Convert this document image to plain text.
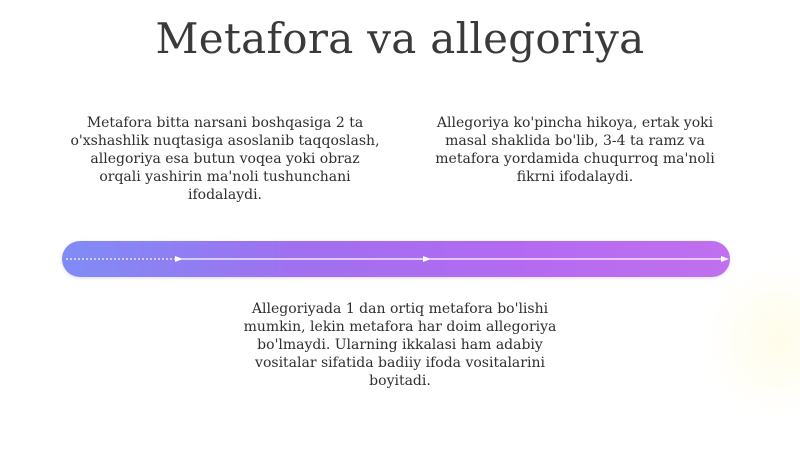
Metafora va allegoriya
Metafora bitta narsani boshqasiga 2 ta o'xshashlik nuqtasiga asoslanib taqqoslash, allegoriya esa butun voqea yoki obraz orqali yashirin ma'noli tushunchani ifodalaydi.
Allegoriya ko'pincha hikoya, ertak yoki masal shaklida bo'lib, 3-4 ta ramz va metafora yordamida chuqurroq ma'noli fikrni ifodalaydi.
Allegoriyada 1 dan ortiq metafora bo'lishi mumkin, lekin metafora har doim allegoriya bo'lmaydi. Ularning ikkalasi ham adabiy vositalar sifatida badiiy ifoda vositalarini boyitadi.
